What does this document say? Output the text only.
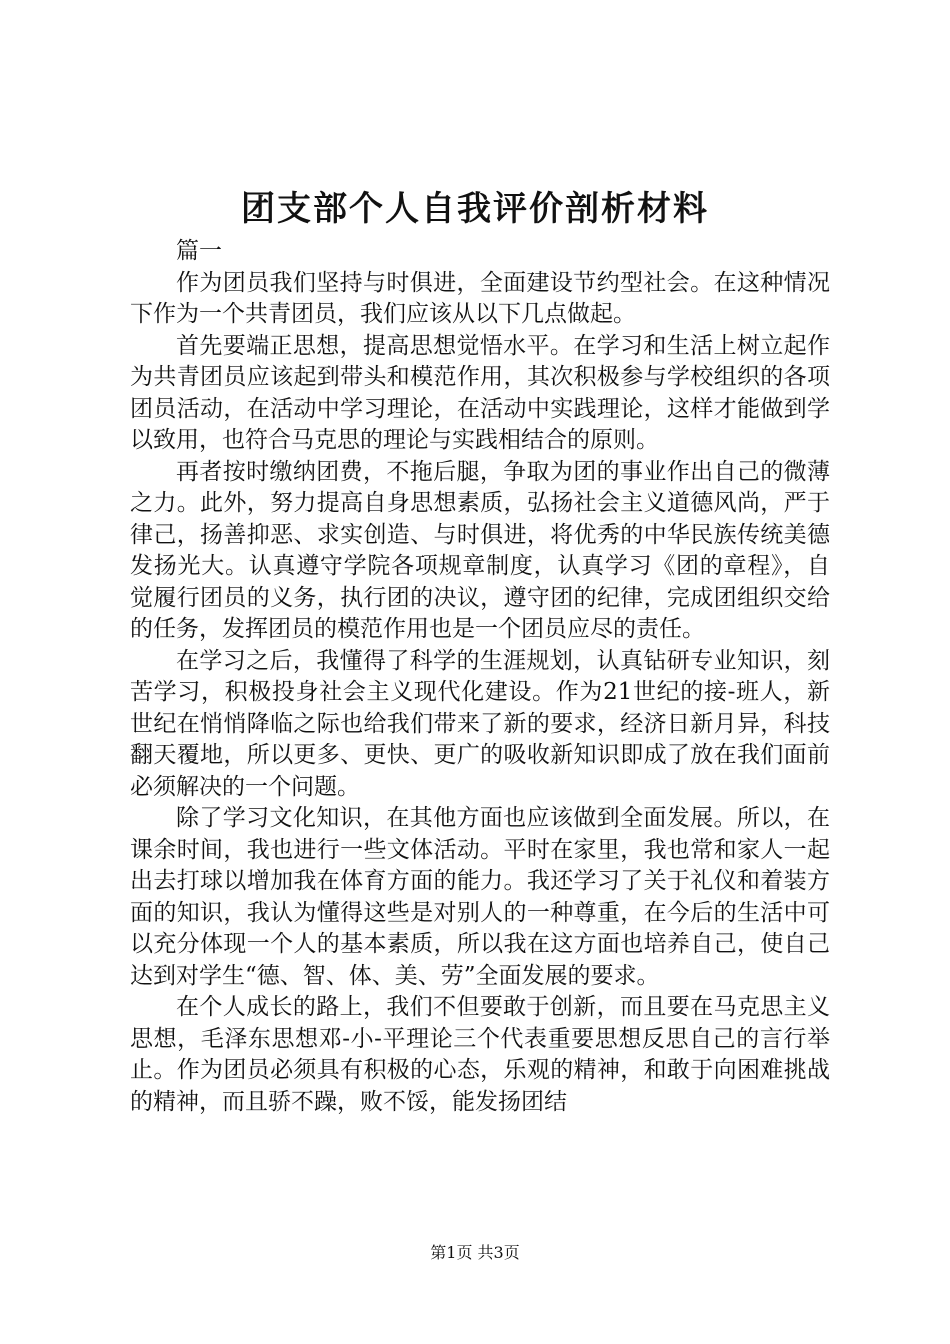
团支部个人自我评价剖析材料

篇一

作为团员我们坚持与时俱进，全面建设节约型社会。在这种情况下作为一个共青团员，我们应该从以下几点做起。

首先要端正思想，提高思想觉悟水平。在学习和生活上树立起作为共青团员应该起到带头和模范作用，其次积极参与学校组织的各项团员活动，在活动中学习理论，在活动中实践理论，这样才能做到学以致用，也符合马克思的理论与实践相结合的原则。

再者按时缴纳团费，不拖后腿，争取为团的事业作出自己的微薄之力。此外，努力提高自身思想素质，弘扬社会主义道德风尚，严于律己，扬善抑恶、求实创造、与时俱进，将优秀的中华民族传统美德发扬光大。认真遵守学院各项规章制度，认真学习《团的章程》，自觉履行团员的义务，执行团的决议，遵守团的纪律，完成团组织交给的任务，发挥团员的模范作用也是一个团员应尽的责任。

在学习之后，我懂得了科学的生涯规划，认真钻研专业知识，刻苦学习，积极投身社会主义现代化建设。作为21世纪的接-班人，新世纪在悄悄降临之际也给我们带来了新的要求，经济日新月异，科技翻天覆地，所以更多、更快、更广的吸收新知识即成了放在我们面前必须解决的一个问题。

除了学习文化知识，在其他方面也应该做到全面发展。所以，在课余时间，我也进行一些文体活动。平时在家里，我也常和家人一起出去打球以增加我在体育方面的能力。我还学习了关于礼仪和着装方面的知识，我认为懂得这些是对别人的一种尊重，在今后的生活中可以充分体现一个人的基本素质，所以我在这方面也培养自己，使自己达到对学生“德、智、体、美、劳”全面发展的要求。

在个人成长的路上，我们不但要敢于创新，而且要在马克思主义思想，毛泽东思想邓-小-平理论三个代表重要思想反思自己的言行举止。作为团员必须具有积极的心态，乐观的精神，和敢于向困难挑战的精神，而且骄不躁，败不馁，能发扬团结

第1页 共3页
